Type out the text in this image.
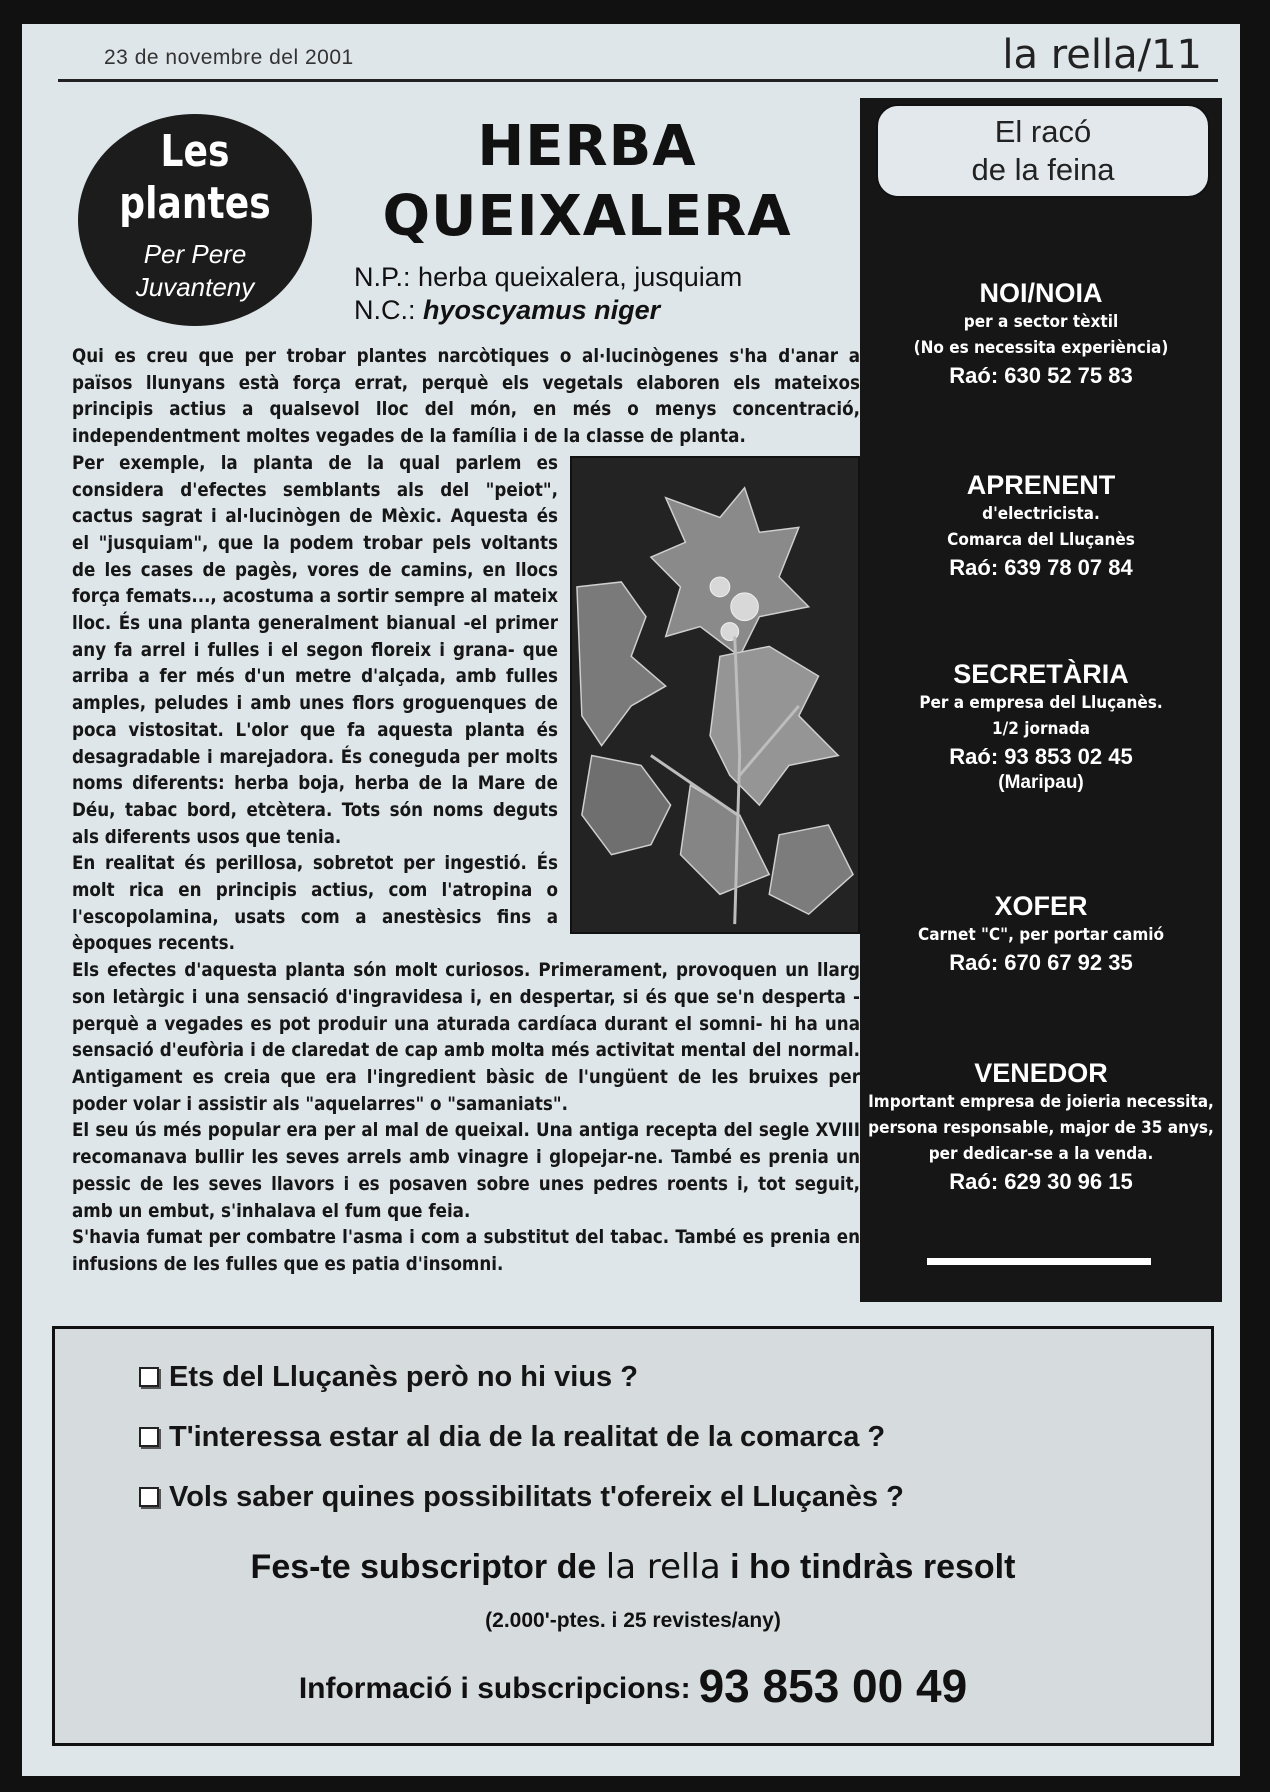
23 de novembre del 2001	la rella/11
Les
plantes
Per Pere
Juvanteny
HERBA
QUEIXALERA
N.P.: herba queixalera, jusquiam
N.C.: hyoscyamus niger

Qui es creu que per trobar plantes narcòtiques o al·lucinògenes s'ha d'anar a països llunyans està força errat, perquè els vegetals elaboren els mateixos principis actius a qualsevol lloc del món, en més o menys concentració, independentment moltes vegades de la família i de la classe de planta.

Per exemple, la planta de la qual parlem es considera d'efectes semblants als del "peiot", cactus sagrat i al·lucinògen de Mèxic. Aquesta és el "jusquiam", que la podem trobar pels voltants de les cases de pagès, vores de camins, en llocs força femats..., acostuma a sortir sempre al mateix lloc. És una planta generalment bianual -el primer any fa arrel i fulles i el segon floreix i grana- que arriba a fer més d'un metre d'alçada, amb fulles amples, peludes i amb unes flors groguenques de poca vistositat. L'olor que fa aquesta planta és desagradable i marejadora. És coneguda per molts noms diferents: herba boja, herba de la Mare de Déu, tabac bord, etcètera. Tots són noms deguts als diferents usos que tenia.

En realitat és perillosa, sobretot per ingestió. És molt rica en principis actius, com l'atropina o l'escopolamina, usats com a anestèsics fins a èpoques recents.

Els efectes d'aquesta planta són molt curiosos. Primerament, provoquen un llarg son letàrgic i una sensació d'ingravidesa i, en despertar, si és que se'n desperta -perquè a vegades es pot produir una aturada cardíaca durant el somni- hi ha una sensació d'eufòria i de claredat de cap amb molta més activitat mental del normal. Antigament es creia que era l'ingredient bàsic de l'ungüent de les bruixes per poder volar i assistir als "aquelarres" o "samaniats".

El seu ús més popular era per al mal de queixal. Una antiga recepta del segle XVIII recomanava bullir les seves arrels amb vinagre i glopejar-ne. També es prenia un pessic de les seves llavors i es posaven sobre unes pedres roents i, tot seguit, amb un embut, s'inhalava el fum que feia.

S'havia fumat per combatre l'asma i com a substitut del tabac. També es prenia en infusions de les fulles que es patia d'insomni.

El racó
de la feina
NOI/NOIA
per a sector tèxtil
(No es necessita experiència)
Raó: 630 52 75 83
APRENENT
d'electricista.
Comarca del Lluçanès
Raó: 639 78 07 84
SECRETÀRIA
Per a empresa del Lluçanès.
1/2 jornada
Raó: 93 853 02 45
(Maripau)
XOFER
Carnet "C", per portar camió
Raó: 670 67 92 35
VENEDOR
Important empresa de joieria necessita,
persona responsable, major de 35 anys,
per dedicar-se a la venda.
Raó: 629 30 96 15
Ets del Lluçanès però no hi vius ?
T'interessa estar al dia de la realitat de la comarca ?
Vols saber quines possibilitats t'ofereix el Lluçanès ?
Fes-te subscriptor de la rella i ho tindràs resolt
(2.000'-ptes. i 25 revistes/any)
Informació i subscripcions: 93 853 00 49
